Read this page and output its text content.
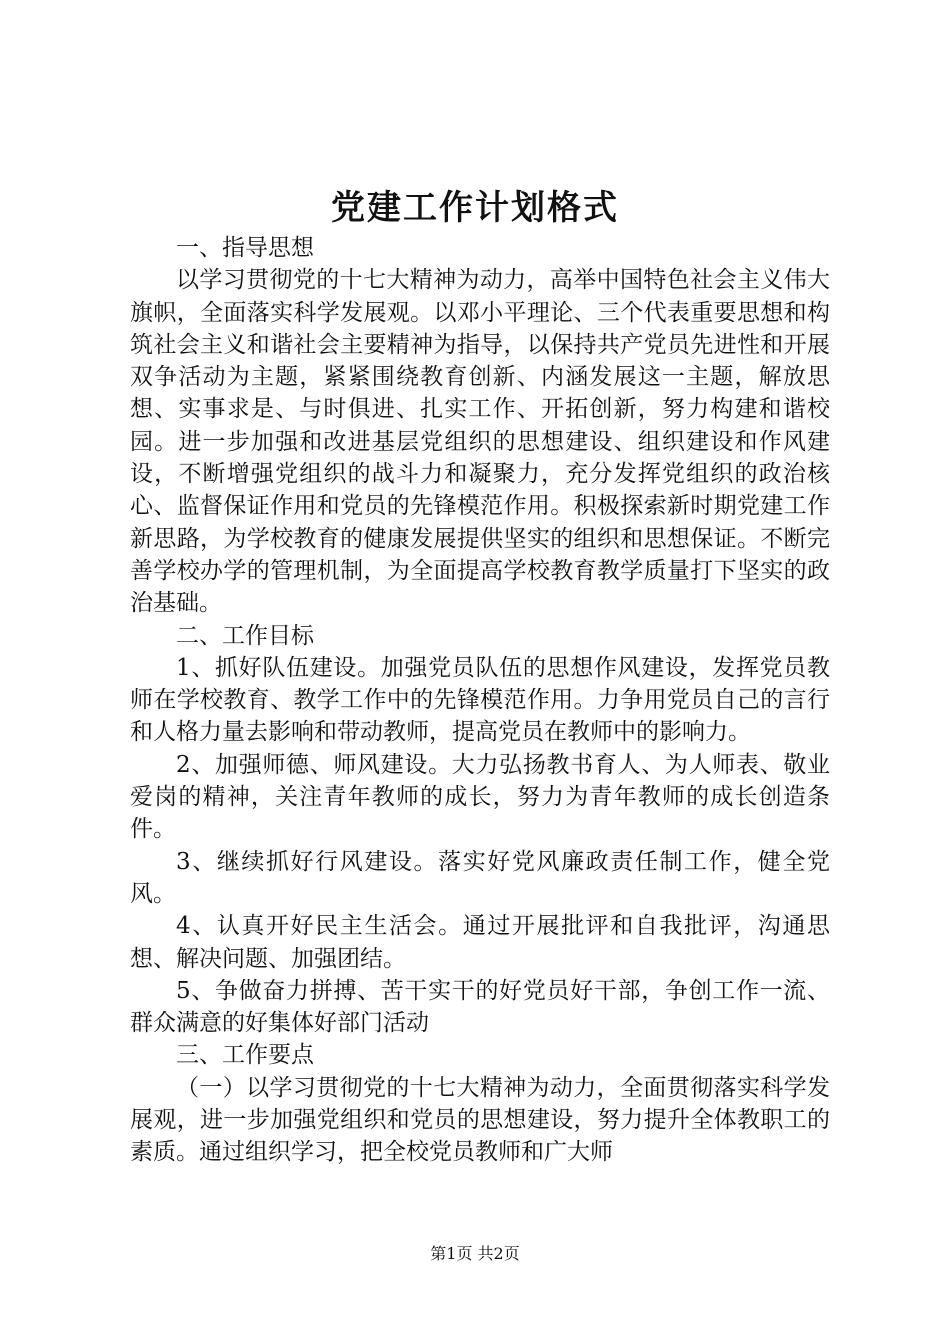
党建工作计划格式

一、指导思想

以学习贯彻党的十七大精神为动力，高举中国特色社会主义伟大旗帜，全面落实科学发展观。以邓小平理论、三个代表重要思想和构筑社会主义和谐社会主要精神为指导，以保持共产党员先进性和开展双争活动为主题，紧紧围绕教育创新、内涵发展这一主题，解放思想、实事求是、与时俱进、扎实工作、开拓创新，努力构建和谐校园。进一步加强和改进基层党组织的思想建设、组织建设和作风建设，不断增强党组织的战斗力和凝聚力，充分发挥党组织的政治核心、监督保证作用和党员的先锋模范作用。积极探索新时期党建工作新思路，为学校教育的健康发展提供坚实的组织和思想保证。不断完善学校办学的管理机制，为全面提高学校教育教学质量打下坚实的政治基础。

二、工作目标

1、抓好队伍建设。加强党员队伍的思想作风建设，发挥党员教师在学校教育、教学工作中的先锋模范作用。力争用党员自己的言行和人格力量去影响和带动教师，提高党员在教师中的影响力。

2、加强师德、师风建设。大力弘扬教书育人、为人师表、敬业爱岗的精神，关注青年教师的成长，努力为青年教师的成长创造条件。

3、继续抓好行风建设。落实好党风廉政责任制工作，健全党风。

4、认真开好民主生活会。通过开展批评和自我批评，沟通思想、解决问题、加强团结。

5、争做奋力拼搏、苦干实干的好党员好干部，争创工作一流、群众满意的好集体好部门活动

三、工作要点

（一）以学习贯彻党的十七大精神为动力，全面贯彻落实科学发展观，进一步加强党组织和党员的思想建设，努力提升全体教职工的素质。通过组织学习，把全校党员教师和广大师

第1页 共2页
